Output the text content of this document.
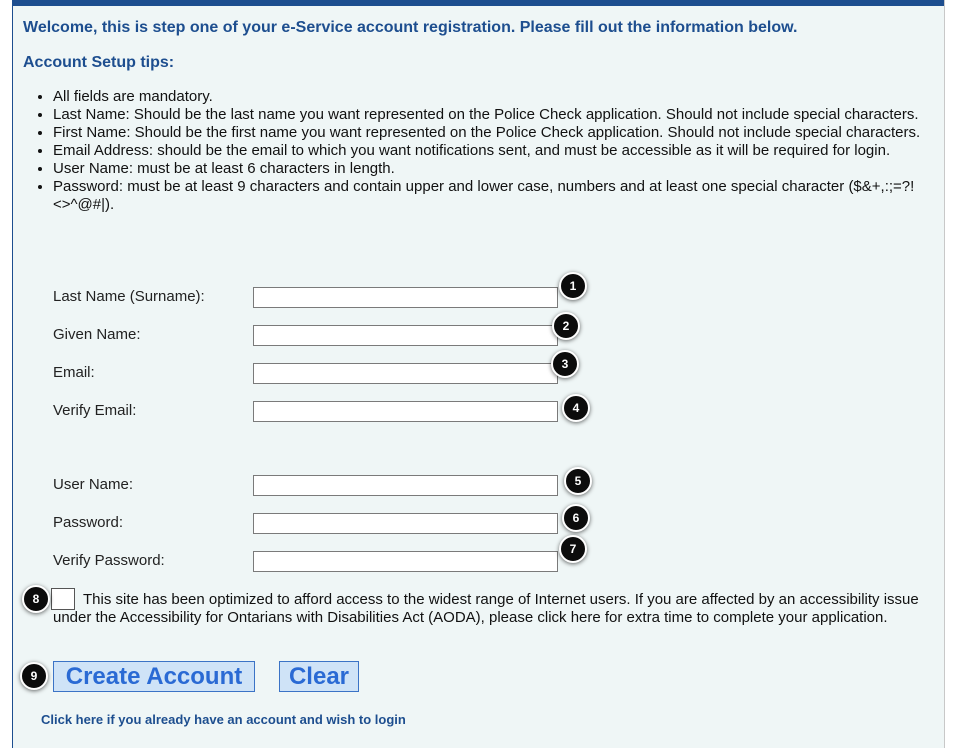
Welcome, this is step one of your e-Service account registration. Please fill out the information below.
Account Setup tips:
• All fields are mandatory.
• Last Name: Should be the last name you want represented on the Police Check application. Should not include special characters.
• First Name: Should be the first name you want represented on the Police Check application. Should not include special characters.
• Email Address: should be the email to which you want notifications sent, and must be accessible as it will be required for login.
• User Name: must be at least 6 characters in length.
• Password: must be at least 9 characters and contain upper and lower case, numbers and at least one special character ($&+,:;=?!<>^@#|).
Last Name (Surname):
Given Name:
Email:
Verify Email:
User Name:
Password:
Verify Password:
This site has been optimized to afford access to the widest range of Internet users. If you are affected by an accessibility issue under the Accessibility for Ontarians with Disabilities Act (AODA), please click here for extra time to complete your application.
Create Account	Clear
Click here if you already have an account and wish to login
1
2
3
4
5
6
7
8
9
